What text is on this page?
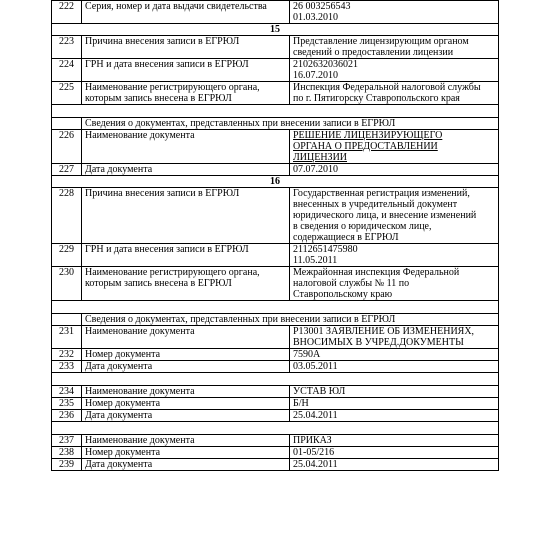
222	Серия, номер и дата выдачи свидетельства	26 003256543
01.03.2010
15		
223	Причина внесения записи в ЕГРЮЛ	Представление лицензирующим органом
сведений о предоставлении лицензии
224	ГРН и дата внесения записи в ЕГРЮЛ	2102632036021
16.07.2010
225	Наименование регистрирующего органа,
которым запись внесена в ЕГРЮЛ	Инспекция Федеральной налоговой службы
по г. Пятигорску Ставропольского края

	Сведения о документах, представленных при внесении записи в ЕГРЮЛ	
226	Наименование документа	РЕШЕНИЕ ЛИЦЕНЗИРУЮЩЕГО
ОРГАНА О ПРЕДОСТАВЛЕНИИ
ЛИЦЕНЗИИ
227	Дата документа	07.07.2010
16		
228	Причина внесения записи в ЕГРЮЛ	Государственная регистрация изменений,
внесенных в учредительный документ
юридического лица, и внесение изменений
в сведения о юридическом лице,
содержащиеся в ЕГРЮЛ
229	ГРН и дата внесения записи в ЕГРЮЛ	2112651475980
11.05.2011
230	Наименование регистрирующего органа,
которым запись внесена в ЕГРЮЛ	Межрайонная инспекция Федеральной
налоговой службы № 11 по
Ставропольскому краю

	Сведения о документах, представленных при внесении записи в ЕГРЮЛ	
231	Наименование документа	Р13001 ЗАЯВЛЕНИЕ ОБ ИЗМЕНЕНИЯХ,
ВНОСИМЫХ В УЧРЕД.ДОКУМЕНТЫ
232	Номер документа	7590А
233	Дата документа	03.05.2011

234	Наименование документа	УСТАВ ЮЛ
235	Номер документа	Б/Н
236	Дата документа	25.04.2011

237	Наименование документа	ПРИКАЗ
238	Номер документа	01-05/216
239	Дата документа	25.04.2011
